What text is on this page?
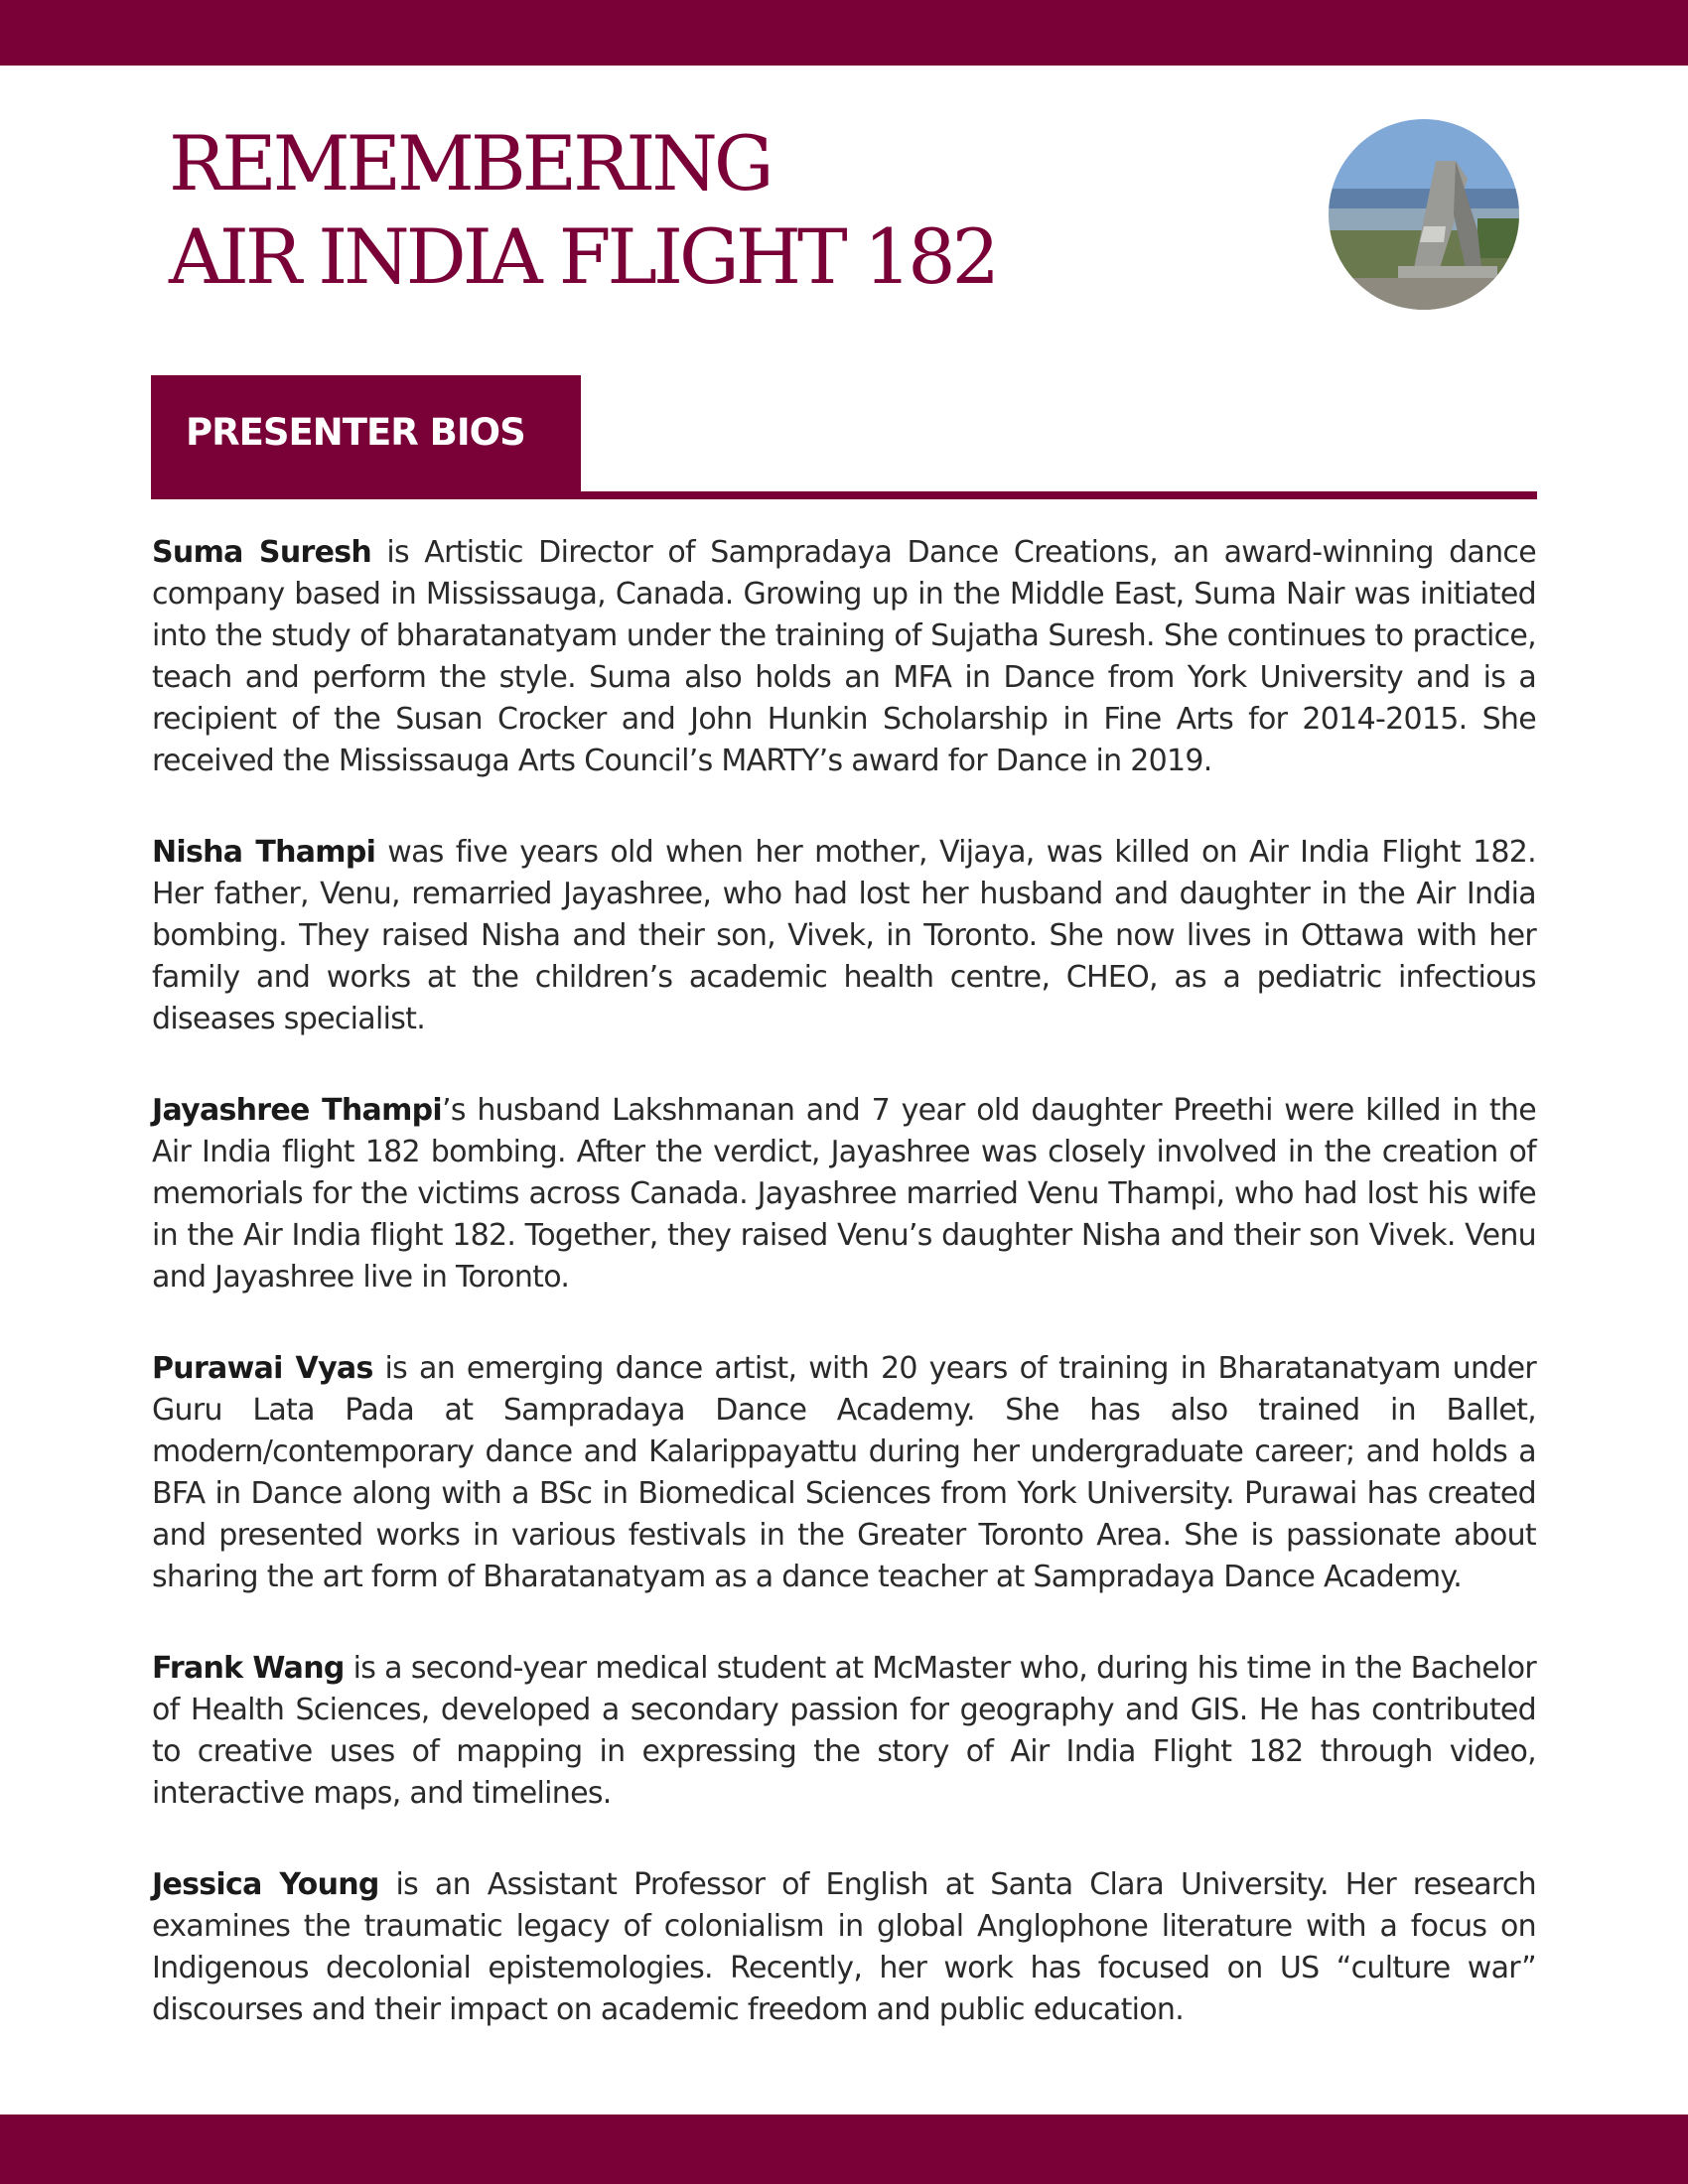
REMEMBERING
AIR INDIA FLIGHT 182
PRESENTER BIOS

Suma Suresh is Artistic Director of Sampradaya Dance Creations, an award-winning dance company based in Mississauga, Canada. Growing up in the Middle East, Suma Nair was initiated into the study of bharatanatyam under the training of Sujatha Suresh. She continues to practice, teach and perform the style. Suma also holds an MFA in Dance from York University and is a recipient of the Susan Crocker and John Hunkin Scholarship in Fine Arts for 2014-2015. She received the Mississauga Arts Council’s MARTY’s award for Dance in 2019.

Nisha Thampi was five years old when her mother, Vijaya, was killed on Air India Flight 182. Her father, Venu, remarried Jayashree, who had lost her husband and daughter in the Air India bombing. They raised Nisha and their son, Vivek, in Toronto. She now lives in Ottawa with her family and works at the children’s academic health centre, CHEO, as a pediatric infectious diseases specialist.

Jayashree Thampi’s husband Lakshmanan and 7 year old daughter Preethi were killed in the Air India flight 182 bombing. After the verdict, Jayashree was closely involved in the creation of memorials for the victims across Canada. Jayashree married Venu Thampi, who had lost his wife in the Air India flight 182. Together, they raised Venu’s daughter Nisha and their son Vivek. Venu and Jayashree live in Toronto.

Purawai Vyas is an emerging dance artist, with 20 years of training in Bharatanatyam under Guru Lata Pada at Sampradaya Dance Academy. She has also trained in Ballet, modern/contemporary dance and Kalarippayattu during her undergraduate career; and holds a BFA in Dance along with a BSc in Biomedical Sciences from York University. Purawai has created and presented works in various festivals in the Greater Toronto Area. She is passionate about sharing the art form of Bharatanatyam as a dance teacher at Sampradaya Dance Academy.

Frank Wang is a second-year medical student at McMaster who, during his time in the Bachelor of Health Sciences, developed a secondary passion for geography and GIS. He has contributed to creative uses of mapping in expressing the story of Air India Flight 182 through video, interactive maps, and timelines.

Jessica Young is an Assistant Professor of English at Santa Clara University. Her research examines the traumatic legacy of colonialism in global Anglophone literature with a focus on Indigenous decolonial epistemologies. Recently, her work has focused on US “culture war” discourses and their impact on academic freedom and public education.
